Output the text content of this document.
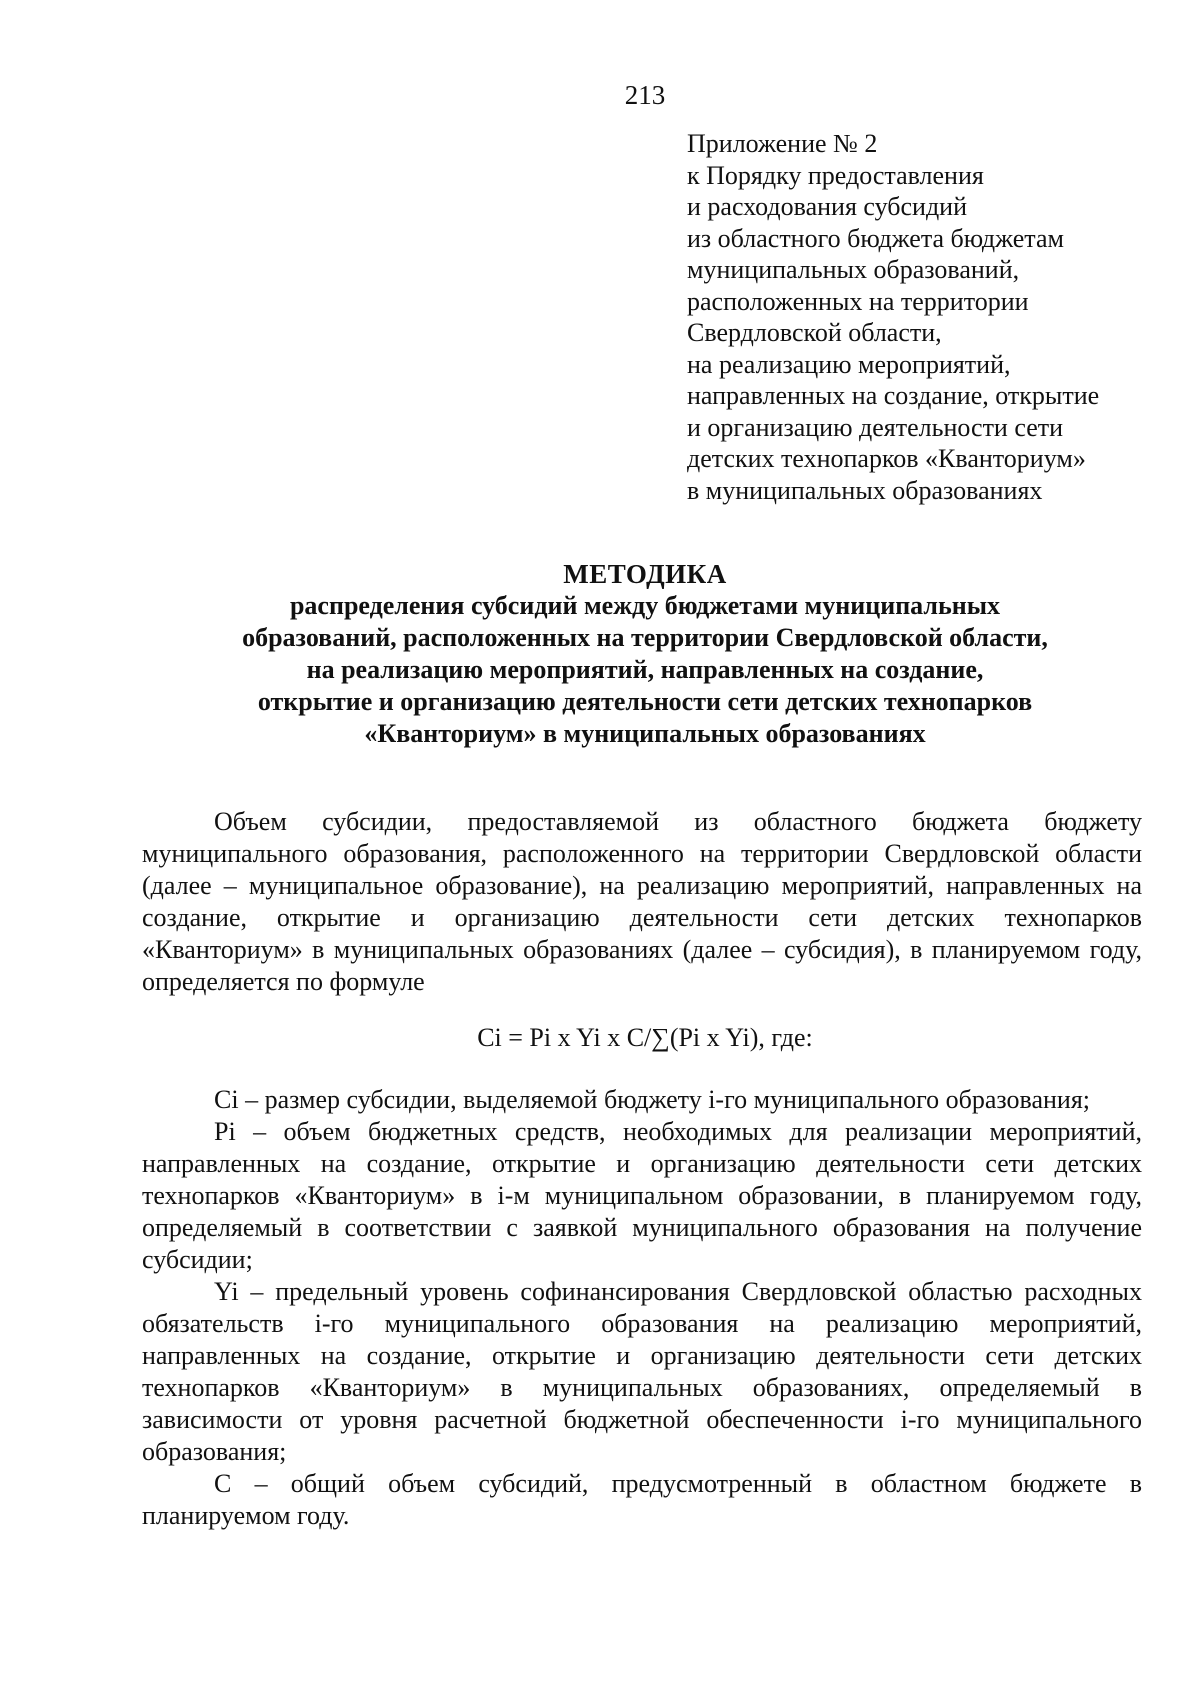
213
Приложение № 2
к Порядку предоставления
и расходования субсидий
из областного бюджета бюджетам
муниципальных образований,
расположенных на территории
Свердловской области,
на реализацию мероприятий,
направленных на создание, открытие
и организацию деятельности сети
детских технопарков «Кванториум»
в муниципальных образованиях
МЕТОДИКА
распределения субсидий между бюджетами муниципальных
образований, расположенных на территории Свердловской области,
на реализацию мероприятий, направленных на создание,
открытие и организацию деятельности сети детских технопарков
«Кванториум» в муниципальных образованиях

Объем субсидии, предоставляемой из областного бюджета бюджету муниципального образования, расположенного на территории Свердловской области (далее – муниципальное образование), на реализацию мероприятий, направленных на создание, открытие и организацию деятельности сети детских технопарков «Кванториум» в муниципальных образованиях (далее – субсидия), в планируемом году, определяется по формуле

Ci = Pi x Yi x C/∑(Pi x Yi), где:

Ci – размер субсидии, выделяемой бюджету i-го муниципального образования;

Pi – объем бюджетных средств, необходимых для реализации мероприятий, направленных на создание, открытие и организацию деятельности сети детских технопарков «Кванториум» в i-м муниципальном образовании, в планируемом году, определяемый в соответствии с заявкой муниципального образования на получение субсидии;

Yi – предельный уровень софинансирования Свердловской областью расходных обязательств i-го муниципального образования на реализацию мероприятий, направленных на создание, открытие и организацию деятельности сети детских технопарков «Кванториум» в муниципальных образованиях, определяемый в зависимости от уровня расчетной бюджетной обеспеченности i-го муниципального образования;

C – общий объем субсидий, предусмотренный в областном бюджете в планируемом году.
